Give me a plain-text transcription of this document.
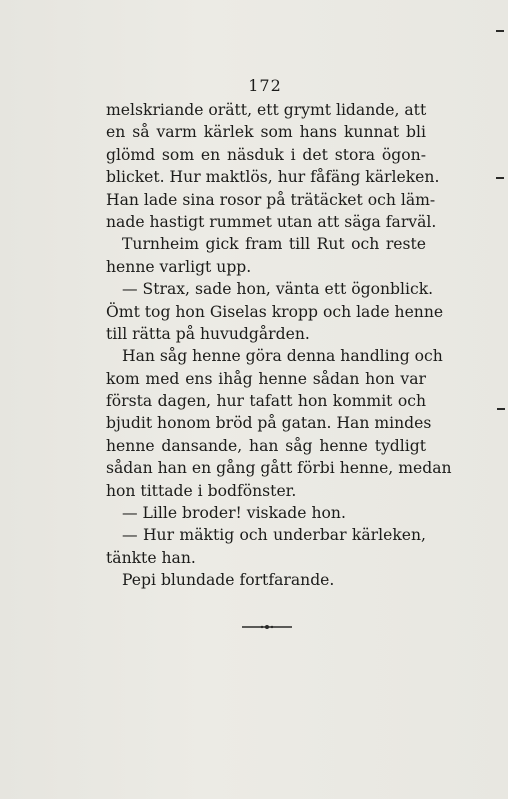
172
melskriande orätt, ett grymt lidande, att
en så varm kärlek som hans kunnat bli
glömd som en näsduk i det stora ögon-
blicket. Hur maktlös, hur fåfäng kärleken.
Han lade sina rosor på trätäcket och läm-
nade hastigt rummet utan att säga farväl.
Turnheim gick fram till Rut och reste
henne varligt upp.
— Strax, sade hon, vänta ett ögonblick.
Ömt tog hon Giselas kropp och lade henne
till rätta på huvudgården.
Han såg henne göra denna handling och
kom med ens ihåg henne sådan hon var
första dagen, hur tafatt hon kommit och
bjudit honom bröd på gatan. Han mindes
henne dansande, han såg henne tydligt
sådan han en gång gått förbi henne, medan
hon tittade i bodfönster.
— Lille broder! viskade hon.
— Hur mäktig och underbar kärleken,
tänkte han.
Pepi blundade fortfarande.
